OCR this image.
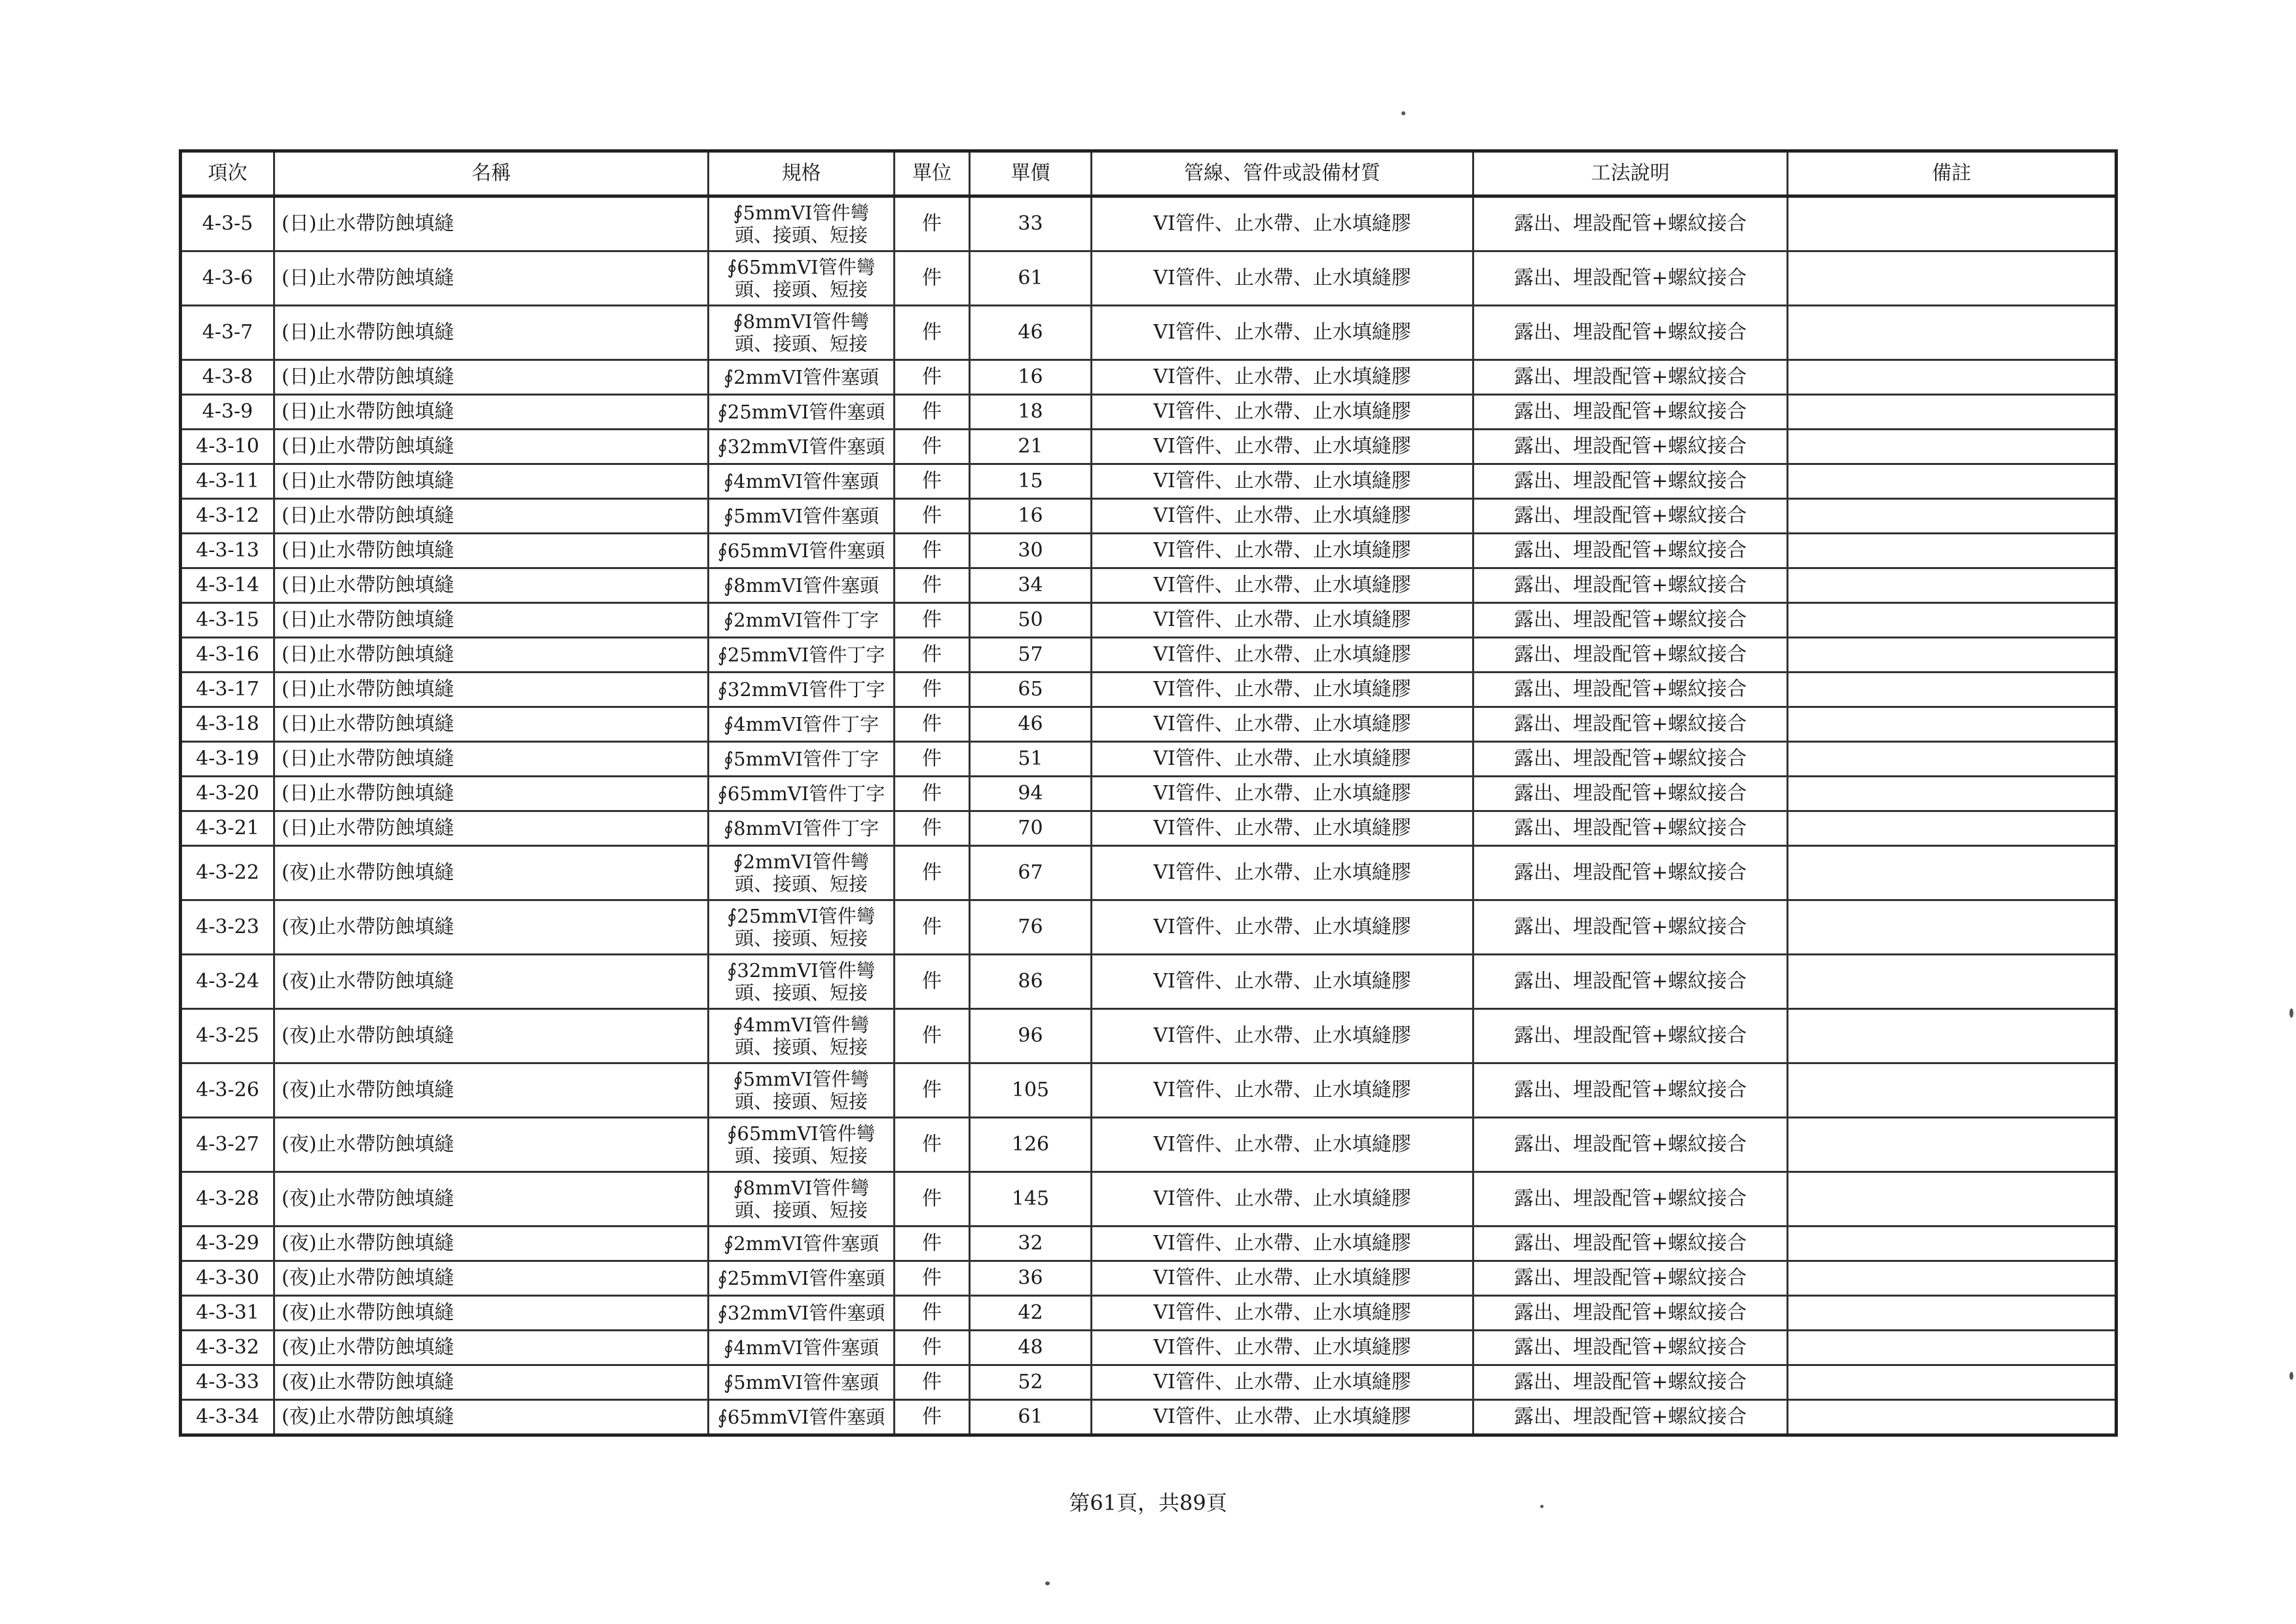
項次	名稱	規格	單位	單價	管線、管件或設備材質	工法說明	備註
4-3-5	(日)止水帶防蝕填縫	∮5mmVI管件彎頭、接頭、短接	件	33	VI管件、止水帶、止水填縫膠	露出、埋設配管+螺紋接合	
4-3-6	(日)止水帶防蝕填縫	∮65mmVI管件彎頭、接頭、短接	件	61	VI管件、止水帶、止水填縫膠	露出、埋設配管+螺紋接合	
4-3-7	(日)止水帶防蝕填縫	∮8mmVI管件彎頭、接頭、短接	件	46	VI管件、止水帶、止水填縫膠	露出、埋設配管+螺紋接合	
4-3-8	(日)止水帶防蝕填縫	∮2mmVI管件塞頭	件	16	VI管件、止水帶、止水填縫膠	露出、埋設配管+螺紋接合	
4-3-9	(日)止水帶防蝕填縫	∮25mmVI管件塞頭	件	18	VI管件、止水帶、止水填縫膠	露出、埋設配管+螺紋接合	
4-3-10	(日)止水帶防蝕填縫	∮32mmVI管件塞頭	件	21	VI管件、止水帶、止水填縫膠	露出、埋設配管+螺紋接合	
4-3-11	(日)止水帶防蝕填縫	∮4mmVI管件塞頭	件	15	VI管件、止水帶、止水填縫膠	露出、埋設配管+螺紋接合	
4-3-12	(日)止水帶防蝕填縫	∮5mmVI管件塞頭	件	16	VI管件、止水帶、止水填縫膠	露出、埋設配管+螺紋接合	
4-3-13	(日)止水帶防蝕填縫	∮65mmVI管件塞頭	件	30	VI管件、止水帶、止水填縫膠	露出、埋設配管+螺紋接合	
4-3-14	(日)止水帶防蝕填縫	∮8mmVI管件塞頭	件	34	VI管件、止水帶、止水填縫膠	露出、埋設配管+螺紋接合	
4-3-15	(日)止水帶防蝕填縫	∮2mmVI管件丁字	件	50	VI管件、止水帶、止水填縫膠	露出、埋設配管+螺紋接合	
4-3-16	(日)止水帶防蝕填縫	∮25mmVI管件丁字	件	57	VI管件、止水帶、止水填縫膠	露出、埋設配管+螺紋接合	
4-3-17	(日)止水帶防蝕填縫	∮32mmVI管件丁字	件	65	VI管件、止水帶、止水填縫膠	露出、埋設配管+螺紋接合	
4-3-18	(日)止水帶防蝕填縫	∮4mmVI管件丁字	件	46	VI管件、止水帶、止水填縫膠	露出、埋設配管+螺紋接合	
4-3-19	(日)止水帶防蝕填縫	∮5mmVI管件丁字	件	51	VI管件、止水帶、止水填縫膠	露出、埋設配管+螺紋接合	
4-3-20	(日)止水帶防蝕填縫	∮65mmVI管件丁字	件	94	VI管件、止水帶、止水填縫膠	露出、埋設配管+螺紋接合	
4-3-21	(日)止水帶防蝕填縫	∮8mmVI管件丁字	件	70	VI管件、止水帶、止水填縫膠	露出、埋設配管+螺紋接合	
4-3-22	(夜)止水帶防蝕填縫	∮2mmVI管件彎頭、接頭、短接	件	67	VI管件、止水帶、止水填縫膠	露出、埋設配管+螺紋接合	
4-3-23	(夜)止水帶防蝕填縫	∮25mmVI管件彎頭、接頭、短接	件	76	VI管件、止水帶、止水填縫膠	露出、埋設配管+螺紋接合	
4-3-24	(夜)止水帶防蝕填縫	∮32mmVI管件彎頭、接頭、短接	件	86	VI管件、止水帶、止水填縫膠	露出、埋設配管+螺紋接合	
4-3-25	(夜)止水帶防蝕填縫	∮4mmVI管件彎頭、接頭、短接	件	96	VI管件、止水帶、止水填縫膠	露出、埋設配管+螺紋接合	
4-3-26	(夜)止水帶防蝕填縫	∮5mmVI管件彎頭、接頭、短接	件	105	VI管件、止水帶、止水填縫膠	露出、埋設配管+螺紋接合	
4-3-27	(夜)止水帶防蝕填縫	∮65mmVI管件彎頭、接頭、短接	件	126	VI管件、止水帶、止水填縫膠	露出、埋設配管+螺紋接合	
4-3-28	(夜)止水帶防蝕填縫	∮8mmVI管件彎頭、接頭、短接	件	145	VI管件、止水帶、止水填縫膠	露出、埋設配管+螺紋接合	
4-3-29	(夜)止水帶防蝕填縫	∮2mmVI管件塞頭	件	32	VI管件、止水帶、止水填縫膠	露出、埋設配管+螺紋接合	
4-3-30	(夜)止水帶防蝕填縫	∮25mmVI管件塞頭	件	36	VI管件、止水帶、止水填縫膠	露出、埋設配管+螺紋接合	
4-3-31	(夜)止水帶防蝕填縫	∮32mmVI管件塞頭	件	42	VI管件、止水帶、止水填縫膠	露出、埋設配管+螺紋接合	
4-3-32	(夜)止水帶防蝕填縫	∮4mmVI管件塞頭	件	48	VI管件、止水帶、止水填縫膠	露出、埋設配管+螺紋接合	
4-3-33	(夜)止水帶防蝕填縫	∮5mmVI管件塞頭	件	52	VI管件、止水帶、止水填縫膠	露出、埋設配管+螺紋接合	
4-3-34	(夜)止水帶防蝕填縫	∮65mmVI管件塞頭	件	61	VI管件、止水帶、止水填縫膠	露出、埋設配管+螺紋接合	
第61頁，共89頁
